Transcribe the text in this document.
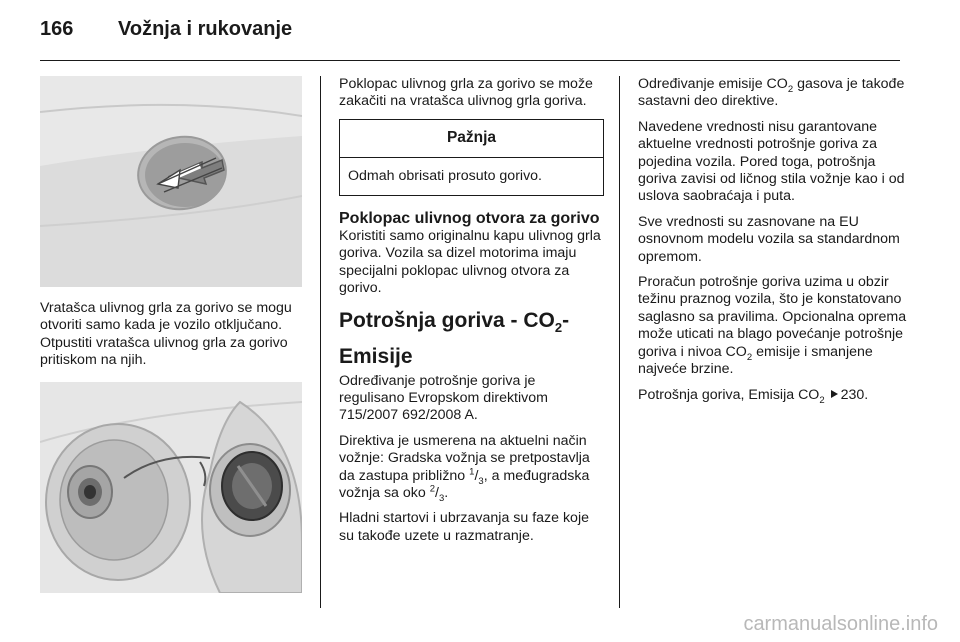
166 Vožnja i rukovanje

Vratašca ulivnog grla za gorivo se mogu otvoriti samo kada je vozilo otključano. Otpustiti vratašca ulivnog grla za gorivo pritiskom na njih.

Poklopac ulivnog grla za gorivo se može zakačiti na vratašca ulivnog grla goriva.

Pažnja
Odmah obrisati prosuto gorivo.
Poklopac ulivnog otvora za gorivo

Koristiti samo originalnu kapu ulivnog grla goriva. Vozila sa dizel motorima imaju specijalni poklopac ulivnog otvora za gorivo.

Potrošnja goriva - $CO_2-$
Emisije

Određivanje potrošnje goriva je regulisano Evropskom direktivom 715/2007 692/2008 A.

Direktiva je usmerena na aktuelni način vožnje: Gradska vožnja se pretpostavlja da zastupa približno $^1/_3$, a međugradska vožnja sa oko $^2/_3$.

Hladni startovi i ubrzavanja su faze koje su takođe uzete u razmatranje.

Određivanje emisije $CO_2$ gasova je takođe sastavni deo direktive.

Navedene vrednosti nisu garantovane aktuelne vrednosti potrošnje goriva za pojedina vozila. Pored toga, potrošnja goriva zavisi od ličnog stila vožnje kao i od uslova saobraćaja i puta.

Sve vrednosti su zasnovane na EU osnovnom modelu vozila sa standardnom opremom.

Proračun potrošnje goriva uzima u obzir težinu praznog vozila, što je konstatovano saglasno sa pravilima. Opcionalna oprema može uticati na blago povećanje potrošnje goriva i nivoa $CO_2$ emisije i smanjene najveće brzine.

Potrošnja goriva, Emisija $CO_2$ 230.

carmanualsonline.info
